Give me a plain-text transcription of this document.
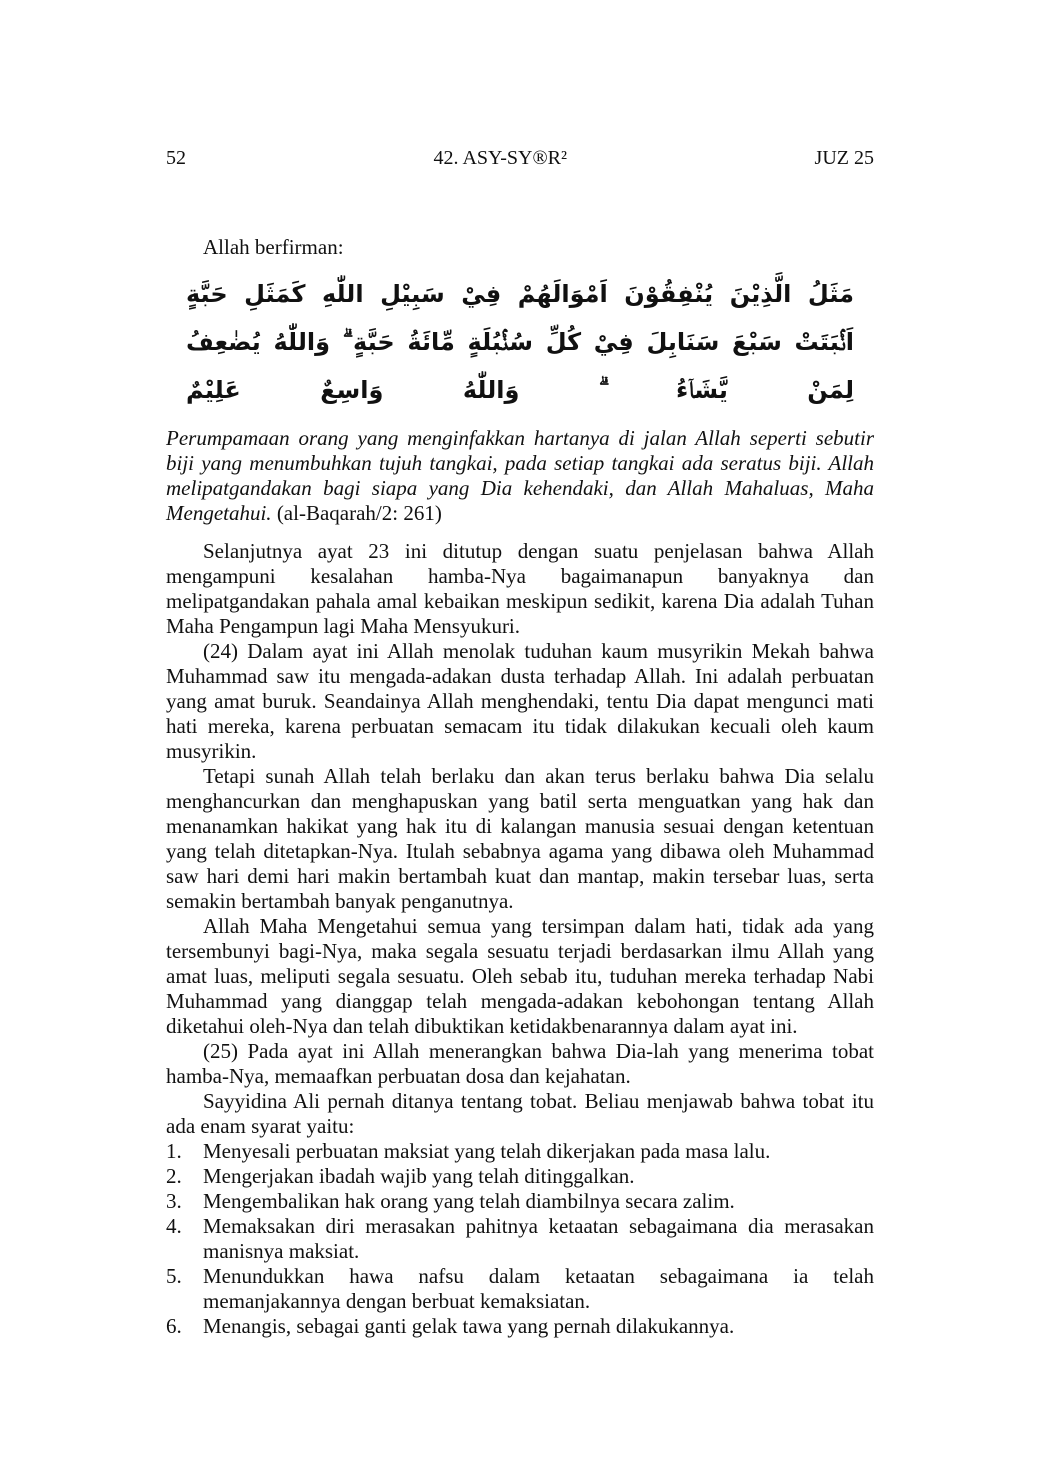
52	42. ASY-SY®R²	JUZ 25
Allah berfirman:
مَثَلُ الَّذِيْنَ يُنْفِقُوْنَ اَمْوَالَهُمْ فِيْ سَبِيْلِ اللّٰهِ كَمَثَلِ حَبَّةٍ اَنْۢبَتَتْ سَبْعَ سَنَابِلَ فِيْ كُلِّ سُنْۢبُلَةٍ مِّائَةُ حَبَّةٍ ۗ وَاللّٰهُ يُضٰعِفُ لِمَنْ يَّشَاۤءُ ۗ وَاللّٰهُ وَاسِعٌ عَلِيْمٌ

Perumpamaan orang yang menginfakkan hartanya di jalan Allah seperti sebutir biji yang menumbuhkan tujuh tangkai, pada setiap tangkai ada seratus biji. Allah melipatgandakan bagi siapa yang Dia kehendaki, dan Allah Mahaluas, Maha Mengetahui. (al-Baqarah/2: 261)

Selanjutnya ayat 23 ini ditutup dengan suatu penjelasan bahwa Allah mengampuni kesalahan hamba-Nya bagaimanapun banyaknya dan melipatgandakan pahala amal kebaikan meskipun sedikit, karena Dia adalah Tuhan Maha Pengampun lagi Maha Mensyukuri.

(24) Dalam ayat ini Allah menolak tuduhan kaum musyrikin Mekah bahwa Muhammad saw itu mengada-adakan dusta terhadap Allah. Ini adalah perbuatan yang amat buruk. Seandainya Allah menghendaki, tentu Dia dapat mengunci mati hati mereka, karena perbuatan semacam itu tidak dilakukan kecuali oleh kaum musyrikin.

Tetapi sunah Allah telah berlaku dan akan terus berlaku bahwa Dia selalu menghancurkan dan menghapuskan yang batil serta menguatkan yang hak dan menanamkan hakikat yang hak itu di kalangan manusia sesuai dengan ketentuan yang telah ditetapkan-Nya. Itulah sebabnya agama yang dibawa oleh Muhammad saw hari demi hari makin bertambah kuat dan mantap, makin tersebar luas, serta semakin bertambah banyak penganutnya.

Allah Maha Mengetahui semua yang tersimpan dalam hati, tidak ada yang tersembunyi bagi-Nya, maka segala sesuatu terjadi berdasarkan ilmu Allah yang amat luas, meliputi segala sesuatu. Oleh sebab itu, tuduhan mereka terhadap Nabi Muhammad yang dianggap telah mengada-adakan kebohongan tentang Allah diketahui oleh-Nya dan telah dibuktikan ketidakbenarannya dalam ayat ini.

(25) Pada ayat ini Allah menerangkan bahwa Dia-lah yang menerima tobat hamba-Nya, memaafkan perbuatan dosa dan kejahatan.

Sayyidina Ali pernah ditanya tentang tobat. Beliau menjawab bahwa tobat itu ada enam syarat yaitu:

1. Menyesali perbuatan maksiat yang telah dikerjakan pada masa lalu.
2. Mengerjakan ibadah wajib yang telah ditinggalkan.
3. Mengembalikan hak orang yang telah diambilnya secara zalim.
4. Memaksakan diri merasakan pahitnya ketaatan sebagaimana dia merasakan manisnya maksiat.
5. Menundukkan hawa nafsu dalam ketaatan sebagaimana ia telah memanjakannya dengan berbuat kemaksiatan.
6. Menangis, sebagai ganti gelak tawa yang pernah dilakukannya.
